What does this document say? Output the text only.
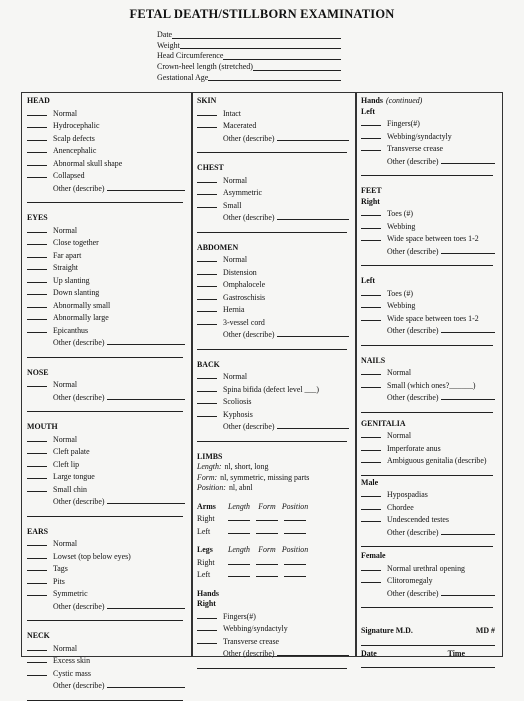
FETAL DEATH/STILLBORN EXAMINATION
Date
Weight
Head Circumference
Crown-heel length (stretched)
Gestational Age
HEAD
Normal
Hydrocephalic
Scalp defects
Anencephalic
Abnormal skull shape
Collapsed
Other (describe)
EYES
Normal
Close together
Far apart
Straight
Up slanting
Down slanting
Abnormally small
Abnormally large
Epicanthus
Other (describe)
NOSE
Normal
Other (describe)
MOUTH
Normal
Cleft palate
Cleft lip
Large tongue
Small chin
Other (describe)
EARS
Normal
Lowset (top below eyes)
Tags
Pits
Symmetric
Other (describe)
NECK
Normal
Excess skin
Cystic mass
Other (describe)
SKIN
Intact
Macerated
Other (describe)
CHEST
Normal
Asymmetric
Small
Other (describe)
ABDOMEN
Normal
Distension
Omphalocele
Gastroschisis
Hernia
3-vessel cord
Other (describe)
BACK
Normal
Spina bifida (defect level ___)
Scoliosis
Kyphosis
Other (describe)
LIMBS
Length: nl, short, long
Form: nl, symmetric, missing parts
Position: nl, abnl
Arms	Length	Form Position
Right
Left
Legs	Length	Form Position
Right
Left
Hands
Right
Fingers(#)
Webbing/syndactyly
Transverse crease
Other (describe)
Hands (continued)
Left
Fingers(#)
Webbing/syndactyly
Transverse crease
Other (describe)
FEET
Right
Toes (#)
Webbing
Wide space between toes 1-2
Other (describe)
Left
Toes (#)
Webbing
Wide space between toes 1-2
Other (describe)
NAILS
Normal
Small (which ones?______)
Other (describe)
GENITALIA
Normal
Imperforate anus
Ambiguous genitalia (describe)
Male
Hypospadias
Chordee
Undescended testes
Other (describe)
Female
Normal urethral opening
Clitoromegaly
Other (describe)
Signature M.D.	MD #
Date	Time
